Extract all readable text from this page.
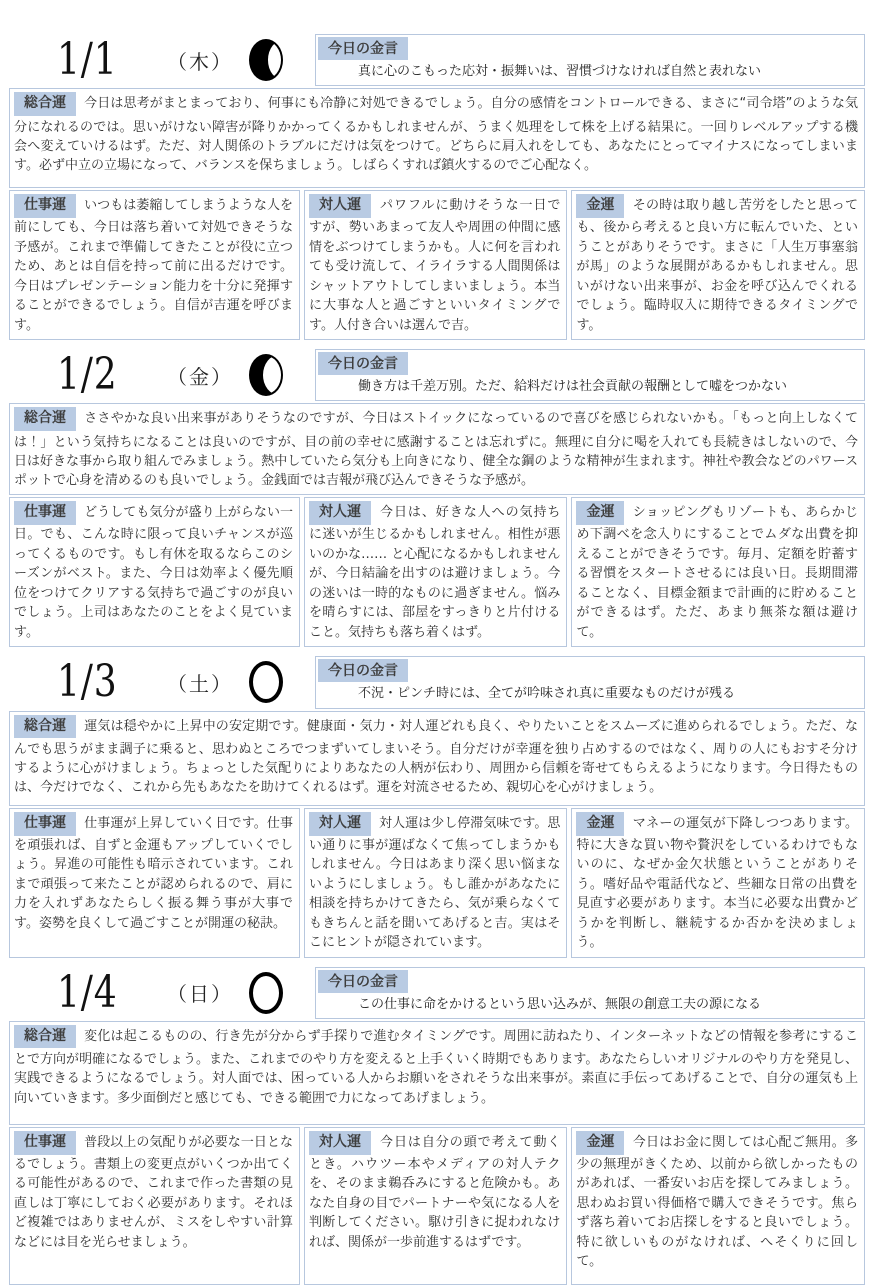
1/1	（木）
今日の金言
真に心のこもった応対・振舞いは、習慣づけなければ自然と表れない
総合運 今日は思考がまとまっており、何事にも冷静に対処できるでしょう。自分の感情をコントロールできる、まさに“司令塔”のような気分になれるのでは。思いがけない障害が降りかかってくるかもしれませんが、うまく処理をして株を上げる結果に。一回りレベルアップする機会へ変えていけるはず。ただ、対人関係のトラブルにだけは気をつけて。どちらに肩入れをしても、あなたにとってマイナスになってしまいます。必ず中立の立場になって、バランスを保ちましょう。しばらくすれば鎮火するのでご心配なく。
仕事運 いつもは萎縮してしまうような人を前にしても、今日は落ち着いて対処できそうな予感が。これまで準備してきたことが役に立つため、あとは自信を持って前に出るだけです。今日はプレゼンテーション能力を十分に発揮することができるでしょう。自信が吉運を呼びます。
対人運 パワフルに動けそうな一日ですが、勢いあまって友人や周囲の仲間に感情をぶつけてしまうかも。人に何を言われても受け流して、イライラする人間関係はシャットアウトしてしまいましょう。本当に大事な人と過ごすといいタイミングです。人付き合いは選んで吉。
金運 その時は取り越し苦労をしたと思っても、後から考えると良い方に転んでいた、ということがありそうです。まさに「人生万事塞翁が馬」のような展開があるかもしれません。思いがけない出来事が、お金を呼び込んでくれるでしょう。臨時収入に期待できるタイミングです。
1/2	（金）
今日の金言
働き方は千差万別。ただ、給料だけは社会貢献の報酬として嘘をつかない
総合運 ささやかな良い出来事がありそうなのですが、今日はストイックになっているので喜びを感じられないかも。「もっと向上しなくては！」という気持ちになることは良いのですが、目の前の幸せに感謝することは忘れずに。無理に自分に喝を入れても長続きはしないので、今日は好きな事から取り組んでみましょう。熱中していたら気分も上向きになり、健全な鋼のような精神が生まれます。神社や教会などのパワースポットで心身を清めるのも良いでしょう。金銭面では吉報が飛び込んできそうな予感が。
仕事運 どうしても気分が盛り上がらない一日。でも、こんな時に限って良いチャンスが巡ってくるものです。もし有休を取るならこのシーズンがベスト。また、今日は効率よく優先順位をつけてクリアする気持ちで過ごすのが良いでしょう。上司はあなたのことをよく見ています。
対人運 今日は、好きな人への気持ちに迷いが生じるかもしれません。相性が悪いのかな…… と心配になるかもしれませんが、今日結論を出すのは避けましょう。今の迷いは一時的なものに過ぎません。悩みを晴らすには、部屋をすっきりと片付けること。気持ちも落ち着くはず。
金運 ショッピングもリゾートも、あらかじめ下調べを念入りにすることでムダな出費を抑えることができそうです。毎月、定額を貯蓄する習慣をスタートさせるには良い日。長期間滞ることなく、目標金額まで計画的に貯めることができるはず。ただ、あまり無茶な額は避けて。
1/3	（土）
今日の金言
不況・ピンチ時には、全てが吟味され真に重要なものだけが残る
総合運 運気は穏やかに上昇中の安定期です。健康面・気力・対人運どれも良く、やりたいことをスムーズに進められるでしょう。ただ、なんでも思うがまま調子に乗ると、思わぬところでつまずいてしまいそう。自分だけが幸運を独り占めするのではなく、周りの人にもおすそ分けするように心がけましょう。ちょっとした気配りによりあなたの人柄が伝わり、周囲から信頼を寄せてもらえるようになります。今日得たものは、今だけでなく、これから先もあなたを助けてくれるはず。運を対流させるため、親切心を心がけましょう。
仕事運 仕事運が上昇していく日です。仕事を頑張れば、自ずと金運もアップしていくでしょう。昇進の可能性も暗示されています。これまで頑張って来たことが認められるので、肩に力を入れずあなたらしく振る舞う事が大事です。姿勢を良くして過ごすことが開運の秘訣。
対人運 対人運は少し停滞気味です。思い通りに事が運ばなくて焦ってしまうかもしれません。今日はあまり深く思い悩まないようにしましょう。もし誰かがあなたに相談を持ちかけてきたら、気が乗らなくてもきちんと話を聞いてあげると吉。実はそこにヒントが隠されています。
金運 マネーの運気が下降しつつあります。特に大きな買い物や贅沢をしているわけでもないのに、なぜか金欠状態ということがありそう。嗜好品や電話代など、些細な日常の出費を見直す必要があります。本当に必要な出費かどうかを判断し、継続するか否かを決めましょう。
1/4	（日）
今日の金言
この仕事に命をかけるという思い込みが、無限の創意工夫の源になる
総合運 変化は起こるものの、行き先が分からず手探りで進むタイミングです。周囲に訪ねたり、インターネットなどの情報を参考にすることで方向が明確になるでしょう。また、これまでのやり方を変えると上手くいく時期でもあります。あなたらしいオリジナルのやり方を発見し、実践できるようになるでしょう。対人面では、困っている人からお願いをされそうな出来事が。素直に手伝ってあげることで、自分の運気も上向いていきます。多少面倒だと感じても、できる範囲で力になってあげましょう。
仕事運 普段以上の気配りが必要な一日となるでしょう。書類上の変更点がいくつか出てくる可能性があるので、これまで作った書類の見直しは丁寧にしておく必要があります。それほど複雑ではありませんが、ミスをしやすい計算などには目を光らせましょう。
対人運 今日は自分の頭で考えて動くとき。ハウツー本やメディアの対人テクを、そのまま鵜呑みにすると危険かも。あなた自身の目でパートナーや気になる人を判断してください。駆け引きに捉われなければ、関係が一歩前進するはずです。
金運 今日はお金に関しては心配ご無用。多少の無理がきくため、以前から欲しかったものがあれば、一番安いお店を探してみましょう。思わぬお買い得価格で購入できそうです。焦らず落ち着いてお店探しをすると良いでしょう。特に欲しいものがなければ、へそくりに回して。
